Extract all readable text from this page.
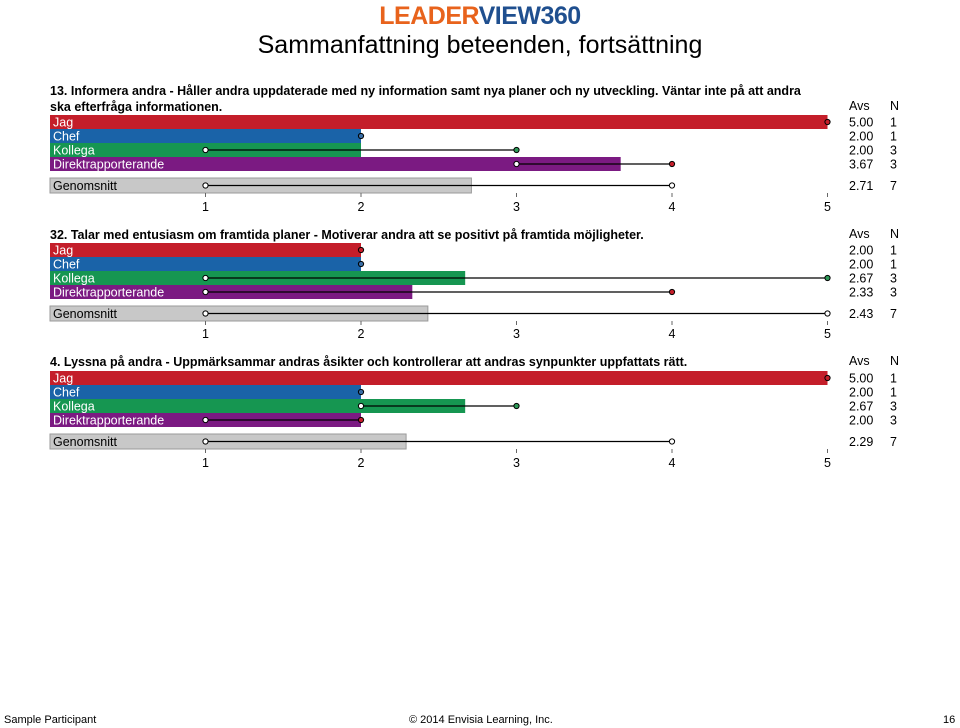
LEADERVIEW360
Sammanfattning beteenden, fortsättning
13. Informera andra - Håller andra uppdaterade med ny information samt nya planer och ny utveckling. Väntar inte på att andra ska efterfråga informationen.	Avs N
Jag	5.00 1
Chef	2.00 1
Kollega	2.00 3
Direktrapporterande	3.67 3
Genomsnitt	2.71 7
1	2	3	4	5
32. Talar med entusiasm om framtida planer - Motiverar andra att se positivt på framtida möjligheter.	Avs N
Jag	2.00 1
Chef	2.00 1
Kollega	2.67 3
Direktrapporterande	2.33 3
Genomsnitt	2.43 7
1	2	3	4	5
4. Lyssna på andra - Uppmärksammar andras åsikter och kontrollerar att andras synpunkter uppfattats rätt.	Avs N
Jag	5.00 1
Chef	2.00 1
Kollega	2.67 3
Direktrapporterande	2.00 3
Genomsnitt	2.29 7
1	2	3	4	5
Sample Participant	© 2014 Envisia Learning, Inc.	16
